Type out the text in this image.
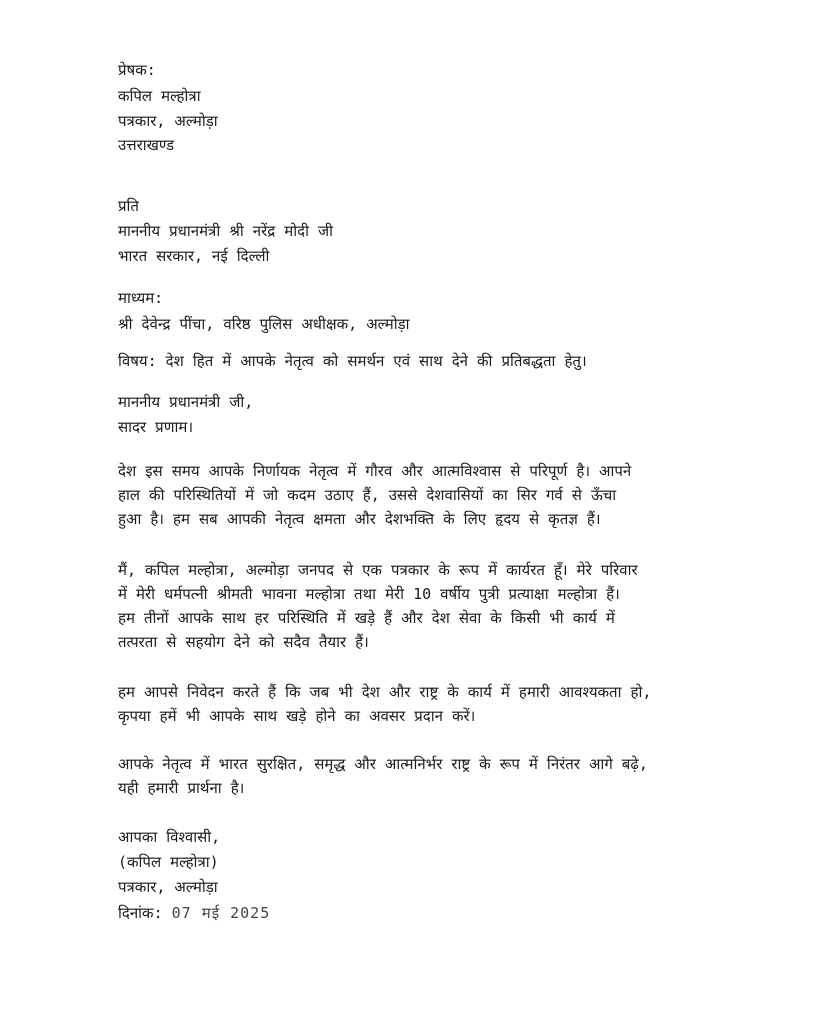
प्रेषक:
कपिल मल्होत्रा
पत्रकार, अल्मोड़ा
उत्तराखण्ड
प्रति
माननीय प्रधानमंत्री श्री नरेंद्र मोदी जी
भारत सरकार, नई दिल्ली
माध्यम:
श्री देवेन्द्र पींचा, वरिष्ठ पुलिस अधीक्षक, अल्मोड़ा
विषय: देश हित में आपके नेतृत्व को समर्थन एवं साथ देने की प्रतिबद्धता हेतु।
माननीय प्रधानमंत्री जी,
सादर प्रणाम।
देश इस समय आपके निर्णायक नेतृत्व में गौरव और आत्मविश्वास से परिपूर्ण है। आपने
हाल की परिस्थितियों में जो कदम उठाए हैं, उससे देशवासियों का सिर गर्व से ऊँचा
हुआ है। हम सब आपकी नेतृत्व क्षमता और देशभक्ति के लिए हृदय से कृतज्ञ हैं।
मैं, कपिल मल्होत्रा, अल्मोड़ा जनपद से एक पत्रकार के रूप में कार्यरत हूँ। मेरे परिवार
में मेरी धर्मपत्नी श्रीमती भावना मल्होत्रा तथा मेरी 10 वर्षीय पुत्री प्रत्याक्षा मल्होत्रा हैं।
हम तीनों आपके साथ हर परिस्थिति में खड़े हैं और देश सेवा के किसी भी कार्य में
तत्परता से सहयोग देने को सदैव तैयार हैं।
हम आपसे निवेदन करते हैं कि जब भी देश और राष्ट्र के कार्य में हमारी आवश्यकता हो,
कृपया हमें भी आपके साथ खड़े होने का अवसर प्रदान करें।
आपके नेतृत्व में भारत सुरक्षित, समृद्ध और आत्मनिर्भर राष्ट्र के रूप में निरंतर आगे बढ़े,
यही हमारी प्रार्थना है।
आपका विश्वासी,
(कपिल मल्होत्रा)
पत्रकार, अल्मोड़ा
दिनांक: 07 मई 2025
